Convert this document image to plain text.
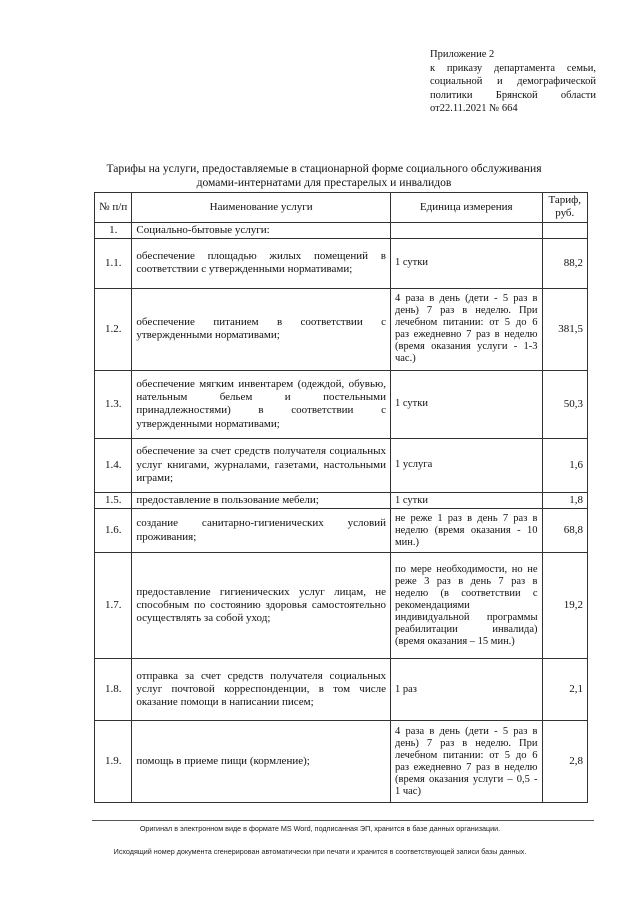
Приложение 2
к приказу департамента семьи,
социальной и демографической
политики Брянской области
от22.11.2021 № 664
Тарифы на услуги, предоставляемые в стационарной форме социального обслуживания домами-интернатами для престарелых и инвалидов
№ п/п	Наименование услуги	Единица измерения	Тариф, руб.
1.	Социально-бытовые услуги:		
1.1.	обеспечение площадью жилых помещений в соответствии с утвержденными нормативами;	1 сутки	88,2
1.2.	обеспечение питанием в соответствии с утвержденными нормативами;	4 раза в день (дети - 5 раз в день) 7 раз в неделю. При лечебном питании: от 5 до 6 раз ежедневно 7 раз в неделю (время оказания услуги - 1-3 час.)	381,5
1.3.	обеспечение мягким инвентарем (одеждой, обувью, нательным бельем и постельными принадлежностями) в соответствии с утвержденными нормативами;	1 сутки	50,3
1.4.	обеспечение за счет средств получателя социальных услуг книгами, журналами, газетами, настольными играми;	1 услуга	1,6
1.5.	предоставление в пользование мебели;	1 сутки	1,8
1.6.	создание санитарно-гигиенических условий проживания;	не реже 1 раз в день 7 раз в неделю (время оказания - 10 мин.)	68,8
1.7.	предоставление гигиенических услуг лицам, не способным по состоянию здоровья самостоятельно осуществлять за собой уход;	по мере необходимости, но не реже 3 раз в день 7 раз в неделю (в соответствии с рекомендациями индивидуальной программы реабилитации инвалида) (время оказания – 15 мин.)	19,2
1.8.	отправка за счет средств получателя социальных услуг почтовой корреспонденции, в том числе оказание помощи в написании писем;	1 раз	2,1
1.9.	помощь в приеме пищи (кормление);	4 раза в день (дети - 5 раз в день) 7 раз в неделю. При лечебном питании: от 5 до 6 раз ежедневно 7 раз в неделю (время оказания услуги – 0,5 - 1 час)	2,8
Оригинал в электронном виде в формате MS Word, подписанная ЭП, хранится в базе данных организации.
Исходящий номер документа сгенерирован автоматически при печати и хранится в соответствующей записи базы данных.
